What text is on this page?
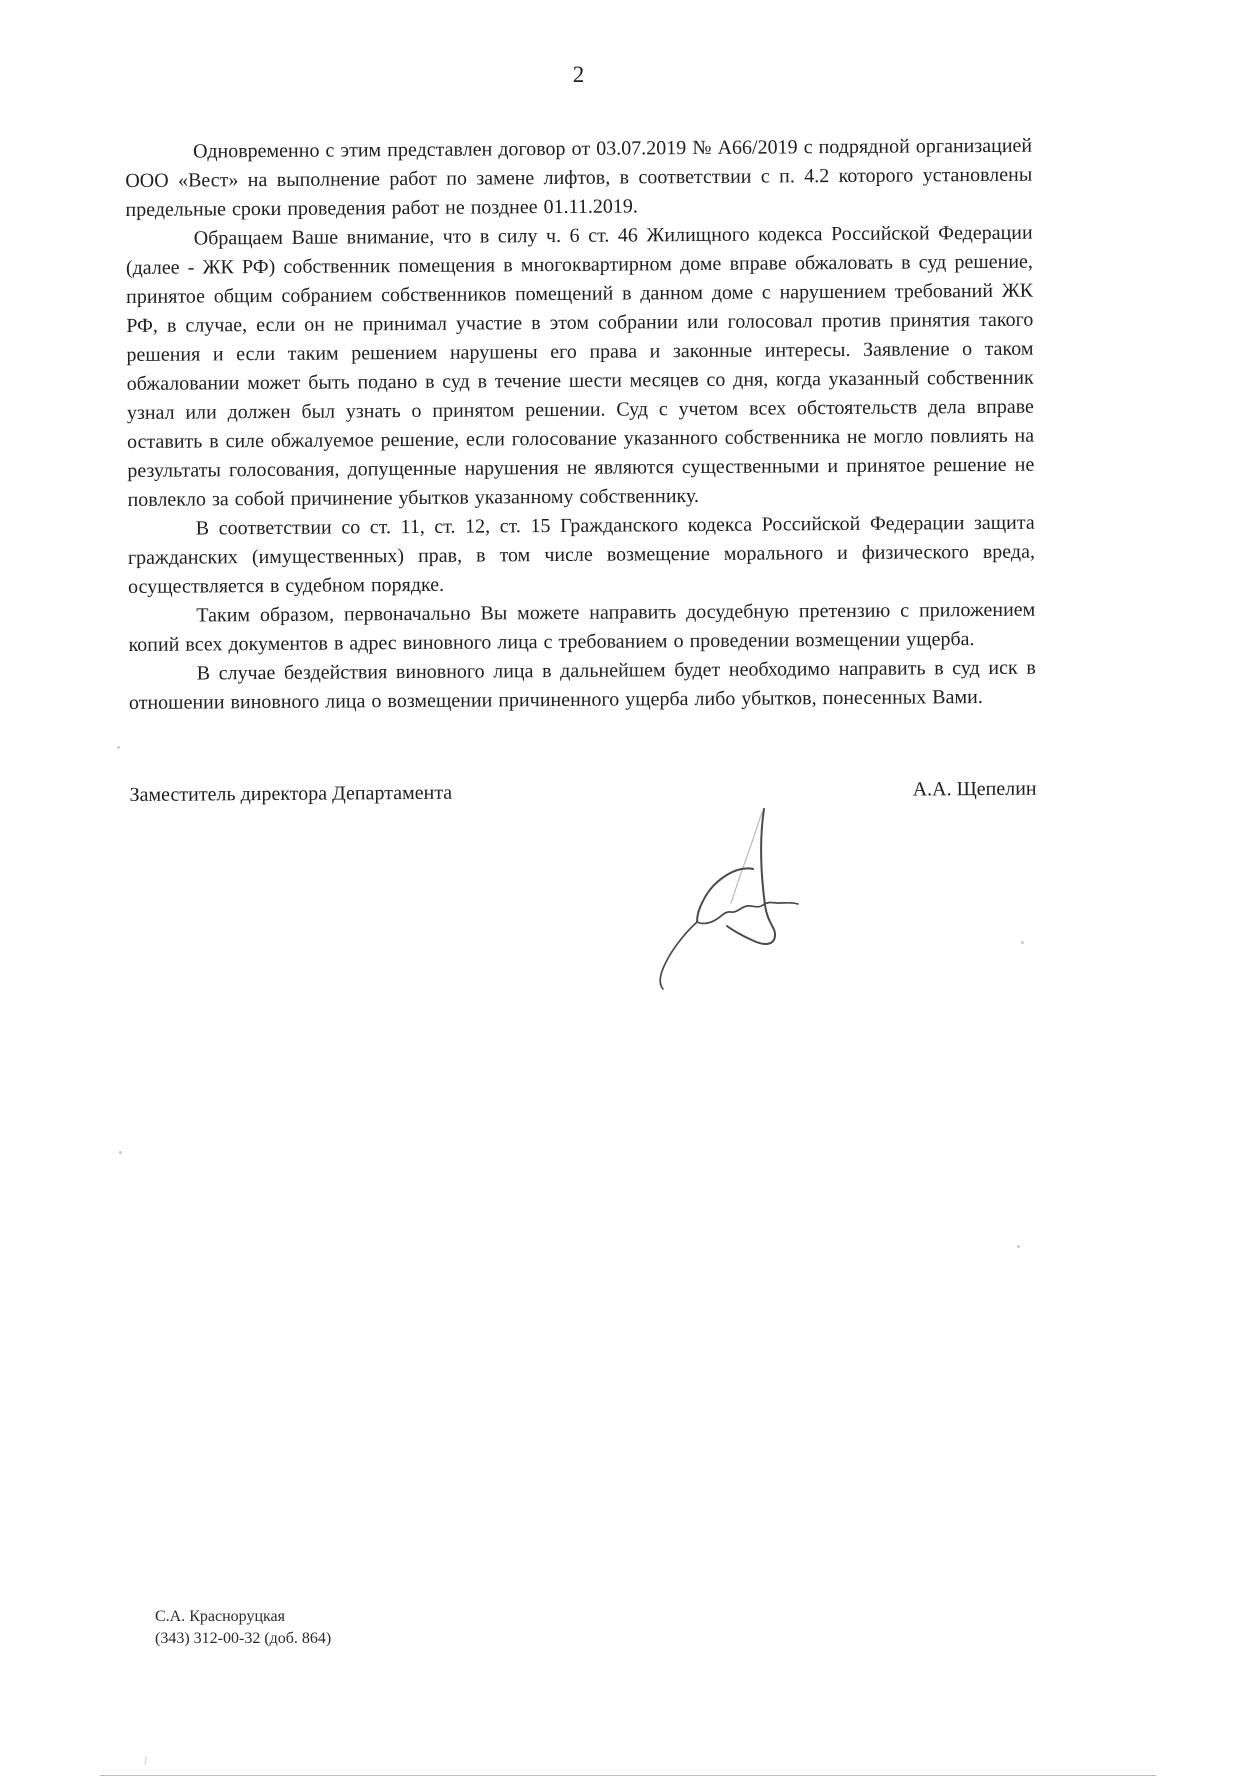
2

Одновременно с этим представлен договор от 03.07.2019 № А66/2019 с подрядной организацией ООО «Вест» на выполнение работ по замене лифтов, в соответствии с п. 4.2 которого установлены предельные сроки проведения работ не позднее 01.11.2019.

Обращаем Ваше внимание, что в силу ч. 6 ст. 46 Жилищного кодекса Российской Федерации (далее - ЖК РФ) собственник помещения в многоквартирном доме вправе обжаловать в суд решение, принятое общим собранием собственников помещений в данном доме с нарушением требований ЖК РФ, в случае, если он не принимал участие в этом собрании или голосовал против принятия такого решения и если таким решением нарушены его права и законные интересы. Заявление о таком обжаловании может быть подано в суд в течение шести месяцев со дня, когда указанный собственник узнал или должен был узнать о принятом решении. Суд с учетом всех обстоятельств дела вправе оставить в силе обжалуемое решение, если голосование указанного собственника не могло повлиять на результаты голосования, допущенные нарушения не являются существенными и принятое решение не повлекло за собой причинение убытков указанному собственнику.

В соответствии со ст. 11, ст. 12, ст. 15 Гражданского кодекса Российской Федерации защита гражданских (имущественных) прав, в том числе возмещение морального и физического вреда, осуществляется в судебном порядке.

Таким образом, первоначально Вы можете направить досудебную претензию с приложением копий всех документов в адрес виновного лица с требованием о проведении возмещении ущерба.

В случае бездействия виновного лица в дальнейшем будет необходимо направить в суд иск в отношении виновного лица о возмещении причиненного ущерба либо убытков, понесенных Вами.

Заместитель директора Департамента	А.А. Щепелин
С.А. Красноруцкая
(343) 312-00-32 (доб. 864)
